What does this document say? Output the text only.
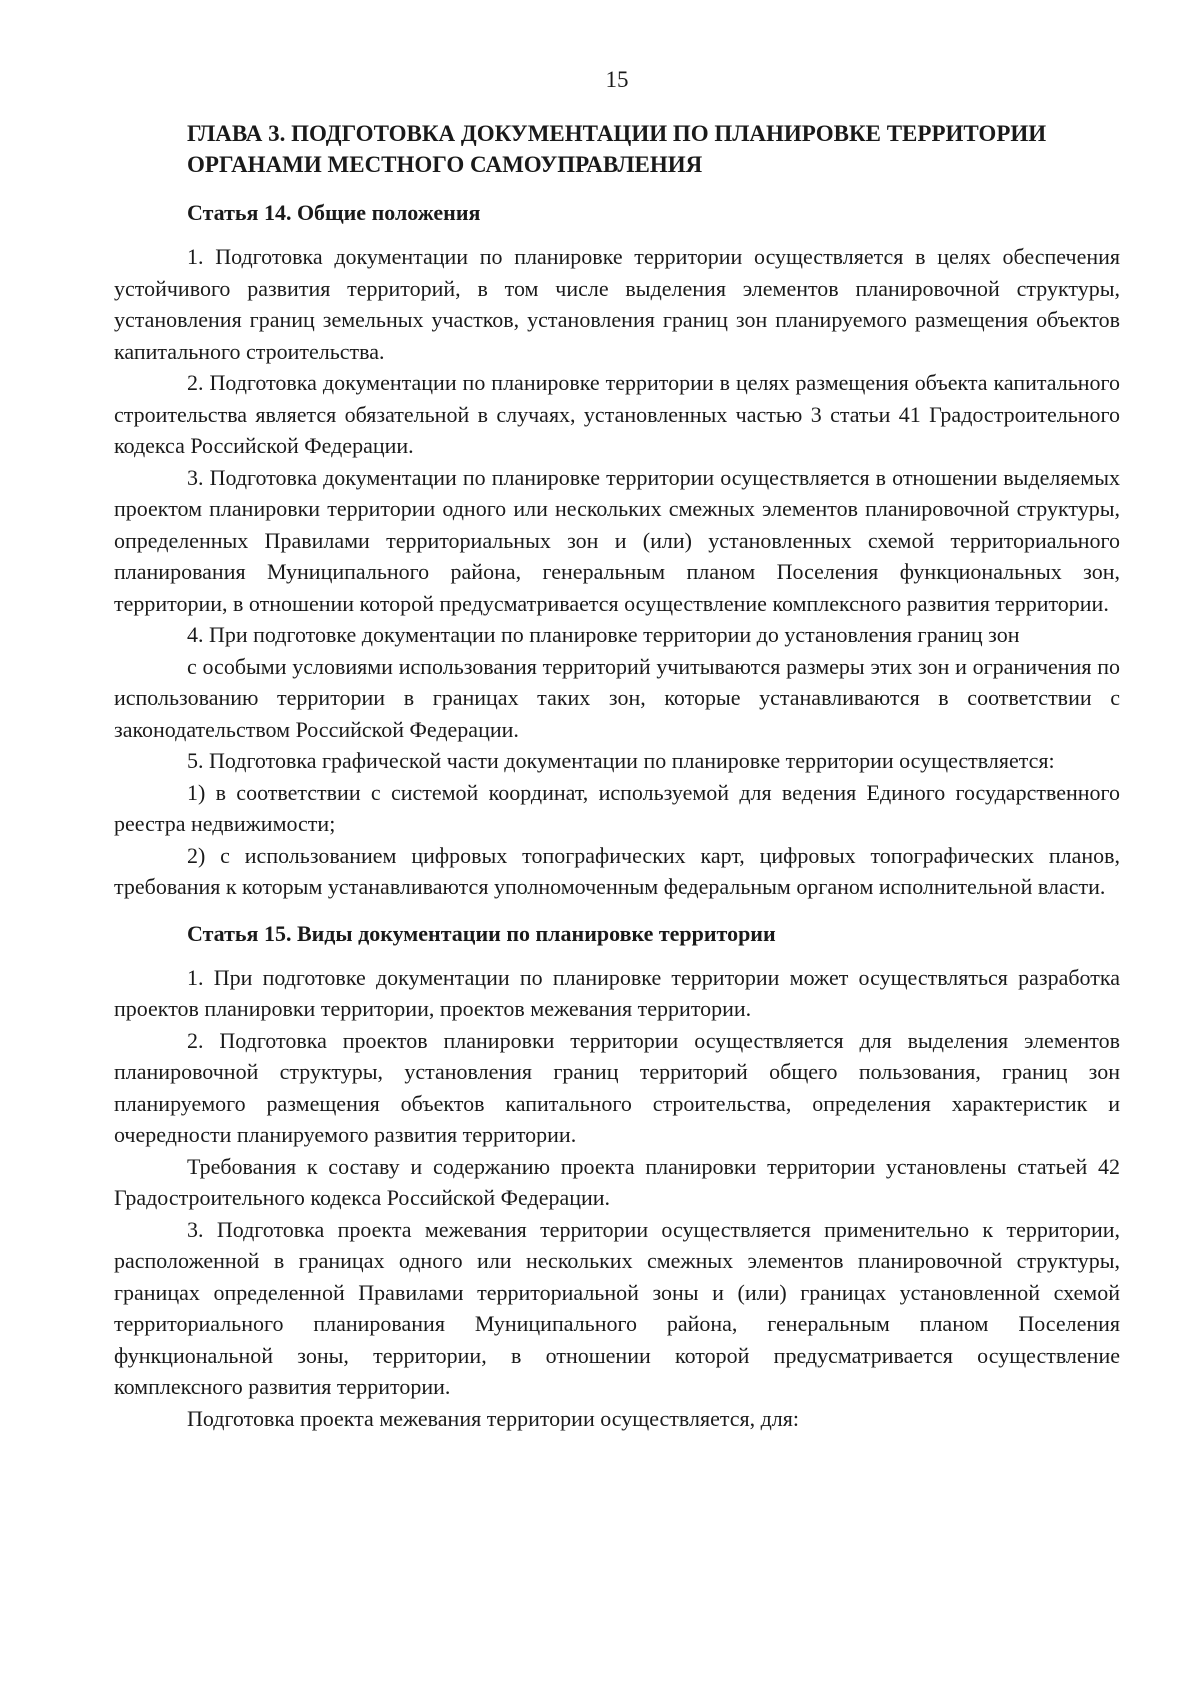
15

ГЛАВА 3. ПОДГОТОВКА ДОКУМЕНТАЦИИ ПО ПЛАНИРОВКЕ ТЕРРИТОРИИ
ОРГАНАМИ МЕСТНОГО САМОУПРАВЛЕНИЯ
Статья 14. Общие положения

1. Подготовка документации по планировке территории осуществляется в целях обеспечения устойчивого развития территорий, в том числе выделения элементов планировочной структуры, установления границ земельных участков, установления границ зон планируемого размещения объектов капитального строительства.

2. Подготовка документации по планировке территории в целях размещения объекта капитального строительства является обязательной в случаях, установленных частью 3 статьи 41 Градостроительного кодекса Российской Федерации.

3. Подготовка документации по планировке территории осуществляется в отношении выделяемых проектом планировки территории одного или нескольких смежных элементов планировочной структуры, определенных Правилами территориальных зон и (или) установленных схемой территориального планирования Муниципального района, генеральным планом Поселения функциональных зон, территории, в отношении которой предусматривается осуществление комплексного развития территории.

4. При подготовке документации по планировке территории до установления границ зон

с особыми условиями использования территорий учитываются размеры этих зон и ограничения по использованию территории в границах таких зон, которые устанавливаются в соответствии с законодательством Российской Федерации.

5. Подготовка графической части документации по планировке территории осуществляется:

1) в соответствии с системой координат, используемой для ведения Единого государственного реестра недвижимости;

2) с использованием цифровых топографических карт, цифровых топографических планов, требования к которым устанавливаются уполномоченным федеральным органом исполнительной власти.

Статья 15. Виды документации по планировке территории

1. При подготовке документации по планировке территории может осуществляться разработка проектов планировки территории, проектов межевания территории.

2. Подготовка проектов планировки территории осуществляется для выделения элементов планировочной структуры, установления границ территорий общего пользования, границ зон планируемого размещения объектов капитального строительства, определения характеристик и очередности планируемого развития территории.

Требования к составу и содержанию проекта планировки территории установлены статьей 42 Градостроительного кодекса Российской Федерации.

3. Подготовка проекта межевания территории осуществляется применительно к территории, расположенной в границах одного или нескольких смежных элементов планировочной структуры, границах определенной Правилами территориальной зоны и (или) границах установленной схемой территориального планирования Муниципального района, генеральным планом Поселения функциональной зоны, территории, в отношении которой предусматривается осуществление комплексного развития территории.

Подготовка проекта межевания территории осуществляется, для:
